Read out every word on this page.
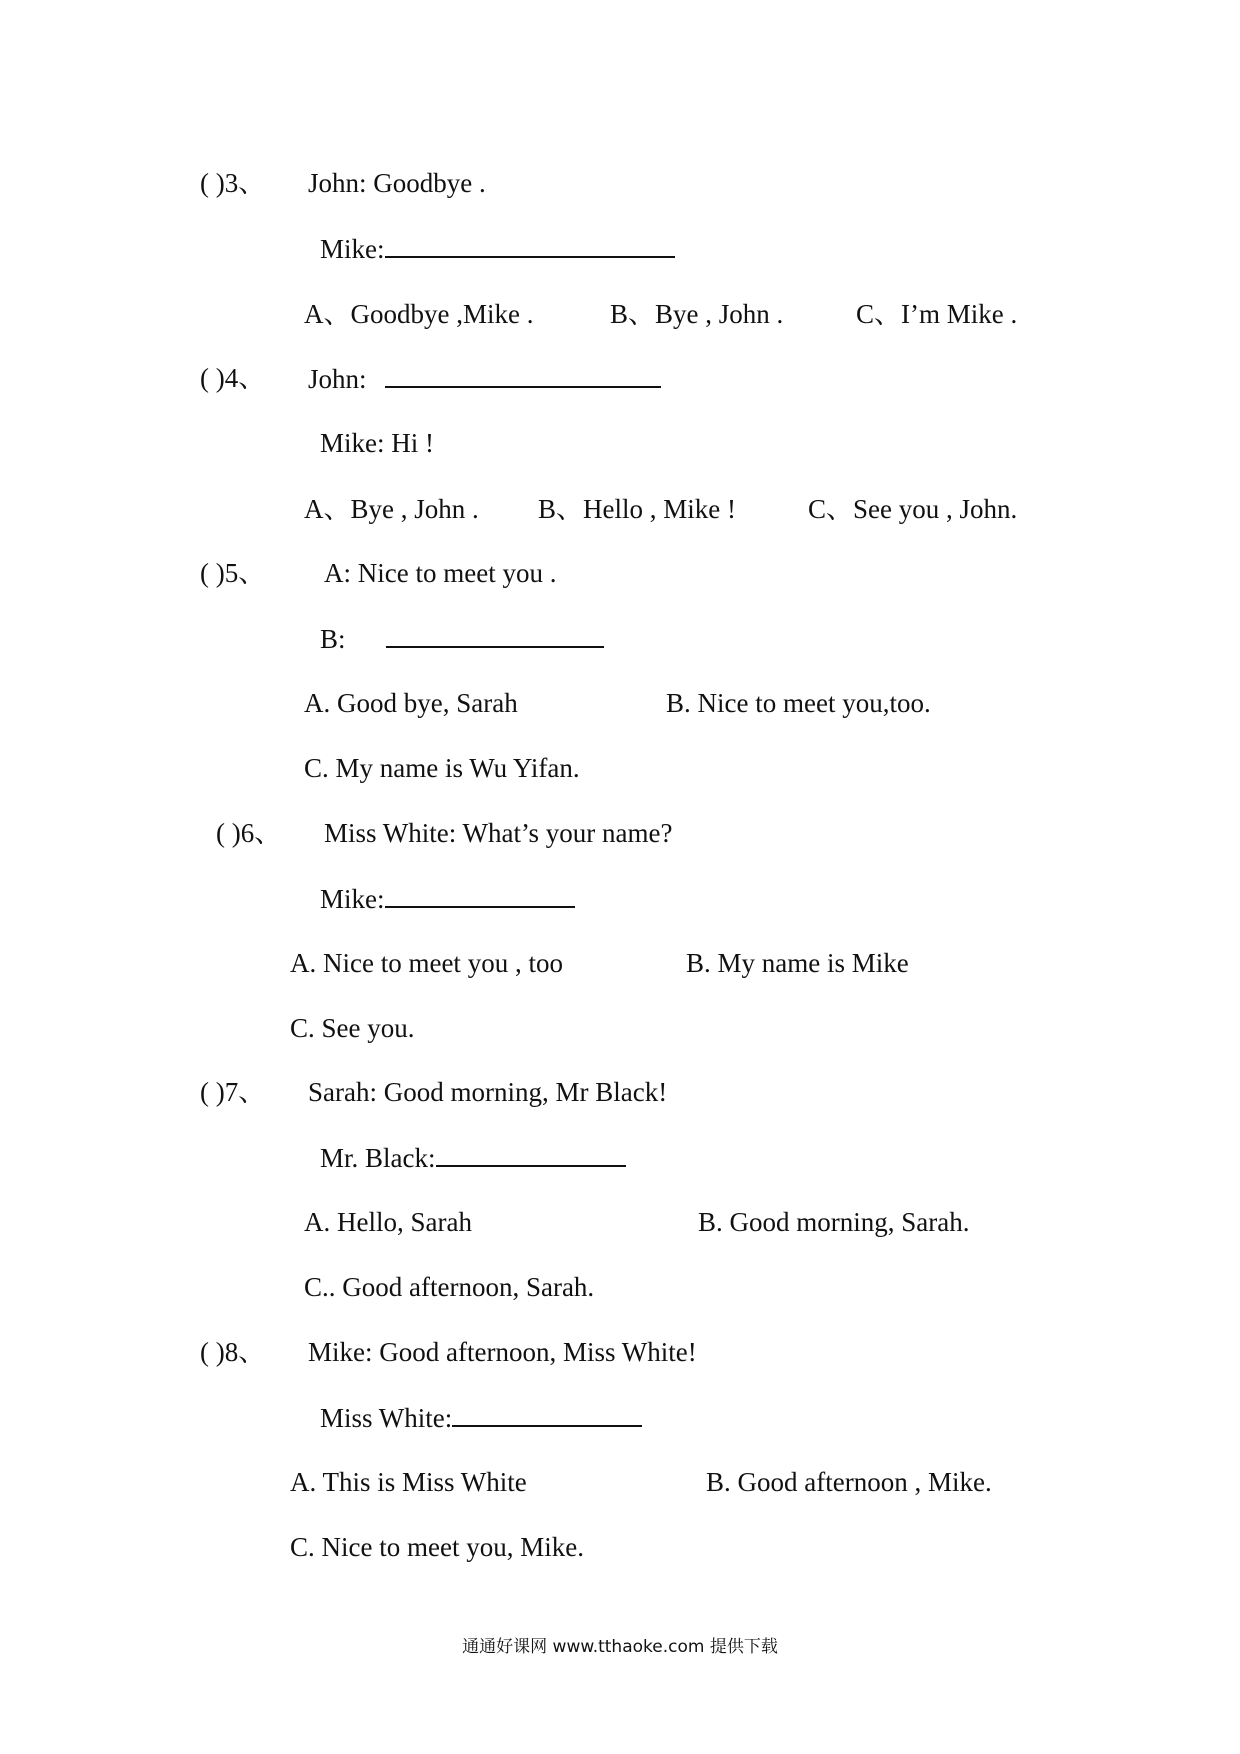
( )3、 John: Goodbye .
Mike:
A、Goodbye ,Mike .	B、Bye , John .	C、I’m Mike .
( )4、 John:
Mike: Hi !
A、Bye , John . B、Hello , Mike !	C、See you , John.
( )5、 A: Nice to meet you .
B:
A. Good bye, Sarah	B. Nice to meet you,too.
C. My name is Wu Yifan.
( )6、 Miss White: What’s your name?
Mike:
A. Nice to meet you , too	B. My name is Mike
C. See you.
( )7、 Sarah: Good morning, Mr Black!
Mr. Black:
A. Hello, Sarah	B. Good morning, Sarah.
C.. Good afternoon, Sarah.
( )8、 Mike: Good afternoon, Miss White!
Miss White:
A. This is Miss White	B. Good afternoon , Mike.
C. Nice to meet you, Mike.
通通好课网 www.tthaoke.com 提供下载
